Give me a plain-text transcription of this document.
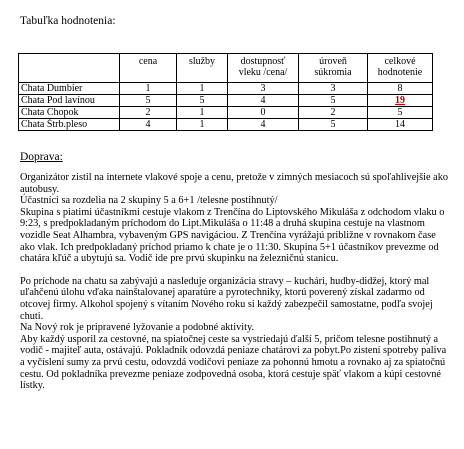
Tabuľka hodnotenia:
	cena	služby	dostupnosť vleku /cena/	úroveň súkromia	celkové hodnotenie
Chata Dumbier	1	1	3	3	8
Chata Pod lavínou	5	5	4	5	19
Chata Chopok	2	1	0	2	5
Chata Štrb.pleso	4	1	4	5	14
Doprava:

Organizátor zistil na internete vlakové spoje a cenu, pretože v zimných mesiacoch sú spoľahlivejšie ako autobusy.

Účastníci sa rozdelia na 2 skupiny 5 a 6+1 /telesne postihnutý/

Skupina s piatimi účastníkmi cestuje vlakom z Trenčína do Liptovského Mikuláša z odchodom vlaku o 9:23, s predpokladaným príchodom do Lipt.Mikuláša o 11:48 a druhá skupina cestuje na vlastnom vozidle Seat Alhambra, vybaveným GPS navigáciou. Z Trenčína vyrážajú približne v rovnakom čase ako vlak. Ich predpokladaný príchod priamo k chate je o 11:30. Skupina 5+1 účastníkov prevezme od chatára kľúč a ubytujú sa. Vodič ide pre prvú skupinku na železničnú stanicu.

Po príchode na chatu sa zabývajú a nasleduje organizácia stravy – kuchári, hudby-didžej, ktorý mal uľahčenú úlohu vďaka nainštalovanej aparatúre a pyrotechniky, ktorú poverený získal zadarmo od otcovej firmy. Alkohol spojený s vítaním Nového roku si každý zabezpečil samostatne, podľa svojej chuti.

Na Nový rok je pripravené lyžovanie a podobné aktivity.

Aby každý usporil za cestovné, na spiatočnej ceste sa vystriedajú ďalší 5, pričom telesne postihnutý a vodič - majiteľ auta, ostávajú. Pokladník odovzdá peniaze chatárovi za pobyt.Po zistení spotreby paliva a vyčíslení sumy za prvú cestu, odovzdá vodičovi peniaze za pohonnú hmotu a rovnako aj za spiatočnú cestu. Od pokladníka prevezme peniaze zodpovedná osoba, ktorá cestuje späť vlakom a kúpi cestovné lístky.
